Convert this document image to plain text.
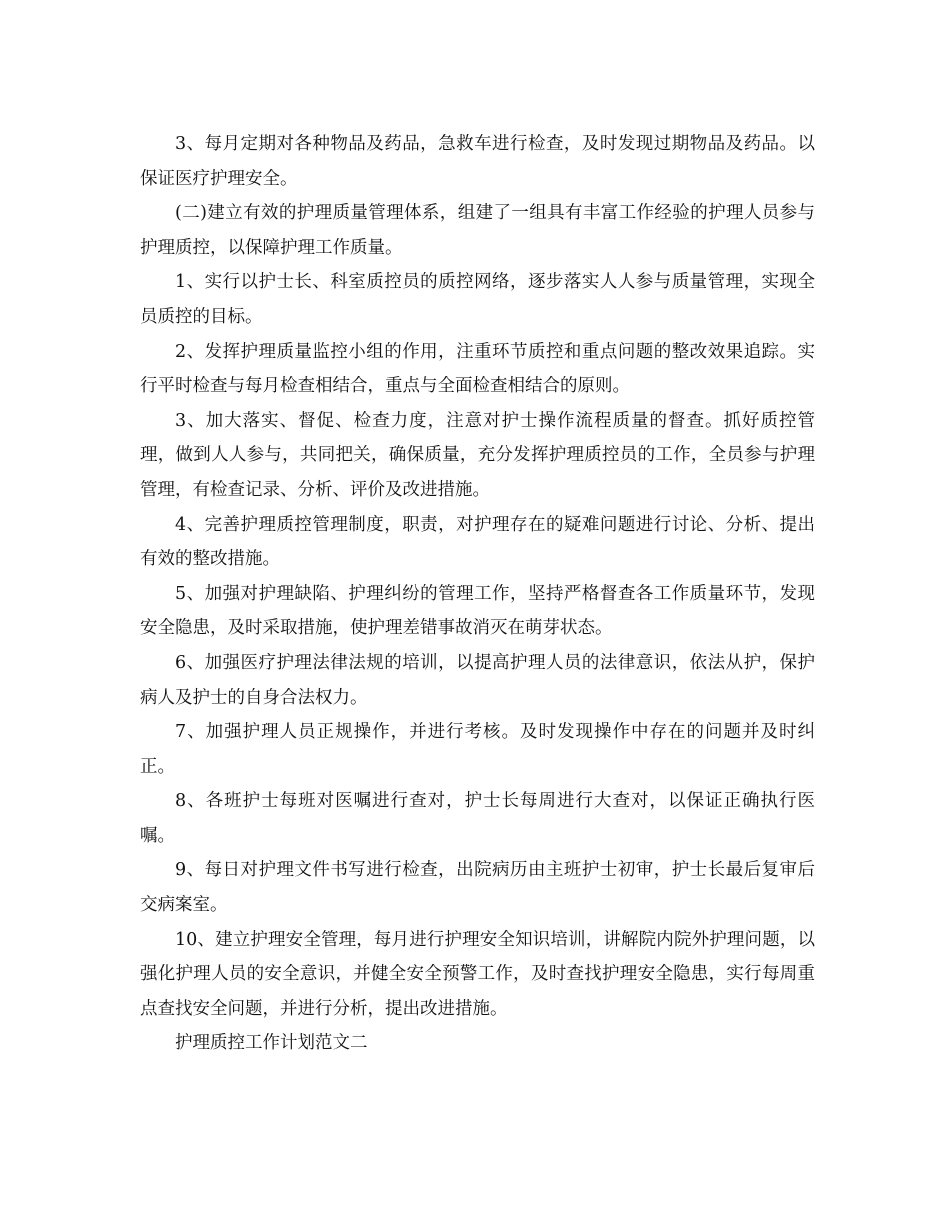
3、每月定期对各种物品及药品，急救车进行检查，及时发现过期物品及药品。以保证医疗护理安全。

(二)建立有效的护理质量管理体系，组建了一组具有丰富工作经验的护理人员参与护理质控，以保障护理工作质量。

1、实行以护士长、科室质控员的质控网络，逐步落实人人参与质量管理，实现全员质控的目标。

2、发挥护理质量监控小组的作用，注重环节质控和重点问题的整改效果追踪。实行平时检查与每月检查相结合，重点与全面检查相结合的原则。

3、加大落实、督促、检查力度，注意对护士操作流程质量的督查。抓好质控管理，做到人人参与，共同把关，确保质量，充分发挥护理质控员的工作，全员参与护理管理，有检查记录、分析、评价及改进措施。

4、完善护理质控管理制度，职责，对护理存在的疑难问题进行讨论、分析、提出有效的整改措施。

5、加强对护理缺陷、护理纠纷的管理工作，坚持严格督查各工作质量环节，发现安全隐患，及时采取措施，使护理差错事故消灭在萌芽状态。

6、加强医疗护理法律法规的培训，以提高护理人员的法律意识，依法从护，保护病人及护士的自身合法权力。

7、加强护理人员正规操作，并进行考核。及时发现操作中存在的问题并及时纠正。

8、各班护士每班对医嘱进行查对，护士长每周进行大查对，以保证正确执行医嘱。

9、每日对护理文件书写进行检查，出院病历由主班护士初审，护士长最后复审后交病案室。

10、建立护理安全管理，每月进行护理安全知识培训，讲解院内院外护理问题，以强化护理人员的安全意识，并健全安全预警工作，及时查找护理安全隐患，实行每周重点查找安全问题，并进行分析，提出改进措施。

护理质控工作计划范文二
